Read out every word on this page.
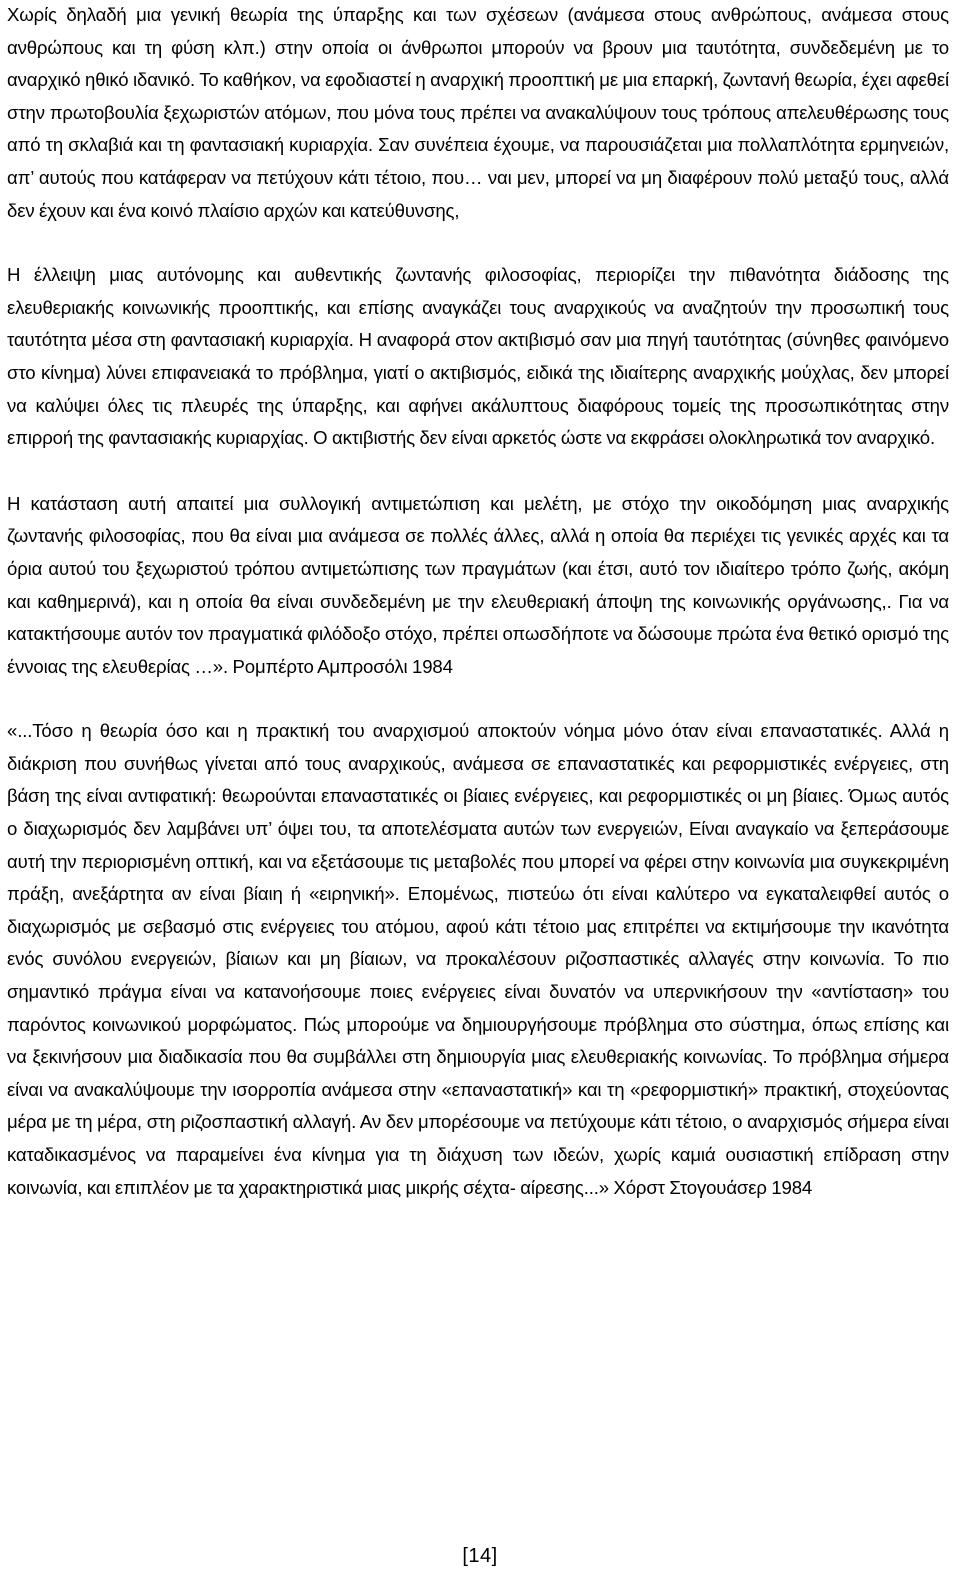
Χωρίς δηλαδή μια γενική θεωρία της ύπαρξης και των σχέσεων (ανάμεσα στους ανθρώπους, ανάμεσα στους ανθρώπους και τη φύση κλπ.) στην οποία οι άνθρωποι μπορούν να βρουν μια ταυτότητα, συνδεδεμένη με το αναρχικό ηθικό ιδανικό. Το καθήκον, να εφοδιαστεί η αναρχική προοπτική με μια επαρκή, ζωντανή θεωρία, έχει αφεθεί στην πρωτοβουλία ξεχωριστών ατόμων, που μόνα τους πρέπει να ανακαλύψουν τους τρόπους απελευθέρωσης τους από τη σκλαβιά και τη φαντασιακή κυριαρχία. Σαν συνέπεια έχουμε, να παρουσιάζεται μια πολλαπλότητα ερμηνειών, απ’ αυτούς που κατάφεραν να πετύχουν κάτι τέτοιο, που… ναι μεν, μπορεί να μη διαφέρουν πολύ μεταξύ τους, αλλά δεν έχουν και ένα κοινό πλαίσιο αρχών και κατεύθυνσης,

Η έλλειψη μιας αυτόνομης και αυθεντικής ζωντανής φιλοσοφίας, περιορίζει την πιθανότητα διάδοσης της ελευθεριακής κοινωνικής προοπτικής, και επίσης αναγκάζει τους αναρχικούς να αναζητούν την προσωπική τους ταυτότητα μέσα στη φαντασιακή κυριαρχία. Η αναφορά στον ακτιβισμό σαν μια πηγή ταυτότητας (σύνηθες φαινόμενο στο κίνημα) λύνει επιφανειακά το πρόβλημα, γιατί ο ακτιβισμός, ειδικά της ιδιαίτερης αναρχικής μούχλας, δεν μπορεί να καλύψει όλες τις πλευρές της ύπαρξης, και αφήνει ακάλυπτους διαφόρους τομείς της προσωπικότητας στην επιρροή της φαντασιακής κυριαρχίας. Ο ακτιβιστής δεν είναι αρκετός ώστε να εκφράσει ολοκληρωτικά τον αναρχικό.

Η κατάσταση αυτή απαιτεί μια συλλογική αντιμετώπιση και μελέτη, με στόχο την οικοδόμηση μιας αναρχικής ζωντανής φιλοσοφίας, που θα είναι μια ανάμεσα σε πολλές άλλες, αλλά η οποία θα περιέχει τις γενικές αρχές και τα όρια αυτού του ξεχωριστού τρόπου αντιμετώπισης των πραγμάτων (και έτσι, αυτό τον ιδιαίτερο τρόπο ζωής, ακόμη και καθημερινά), και η οποία θα είναι συνδεδεμένη με την ελευθεριακή άποψη της κοινωνικής οργάνωσης,. Για να κατακτήσουμε αυτόν τον πραγματικά φιλόδοξο στόχο, πρέπει οπωσδήποτε να δώσουμε πρώτα ένα θετικό ορισμό της έννοιας της ελευθερίας …». Ρομπέρτο Αμπροσόλι 1984

«...Τόσο η θεωρία όσο και η πρακτική του αναρχισμού αποκτούν νόημα μόνο όταν είναι επαναστατικές. Αλλά η διάκριση που συνήθως γίνεται από τους αναρχικούς, ανάμεσα σε επαναστατικές και ρεφορμιστικές ενέργειες, στη βάση της είναι αντιφατική: θεωρούνται επαναστατικές οι βίαιες ενέργειες, και ρεφορμιστικές οι μη βίαιες. Όμως αυτός ο διαχωρισμός δεν λαμβάνει υπ’ όψει του, τα αποτελέσματα αυτών των ενεργειών, Είναι αναγκαίο να ξεπεράσουμε αυτή την περιορισμένη οπτική, και να εξετάσουμε τις μεταβολές που μπορεί να φέρει στην κοινωνία μια συγκεκριμένη πράξη, ανεξάρτητα αν είναι βίαιη ή «ειρηνική». Επομένως, πιστεύω ότι είναι καλύτερο να εγκαταλειφθεί αυτός ο διαχωρισμός με σεβασμό στις ενέργειες του ατόμου, αφού κάτι τέτοιο μας επιτρέπει να εκτιμήσουμε την ικανότητα ενός συνόλου ενεργειών, βίαιων και μη βίαιων, να προκαλέσουν ριζοσπαστικές αλλαγές στην κοινωνία. Το πιο σημαντικό πράγμα είναι να κατανοήσουμε ποιες ενέργειες είναι δυνατόν να υπερνικήσουν την «αντίσταση» του παρόντος κοινωνικού μορφώματος. Πώς μπορούμε να δημιουργήσουμε πρόβλημα στο σύστημα, όπως επίσης και να ξεκινήσουν μια διαδικασία που θα συμβάλλει στη δημιουργία μιας ελευθεριακής κοινωνίας. Το πρόβλημα σήμερα είναι να ανακαλύψουμε την ισορροπία ανάμεσα στην «επαναστατική» και τη «ρεφορμιστική» πρακτική, στοχεύοντας μέρα με τη μέρα, στη ριζοσπαστική αλλαγή. Αν δεν μπορέσουμε να πετύχουμε κάτι τέτοιο, ο αναρχισμός σήμερα είναι καταδικασμένος να παραμείνει ένα κίνημα για τη διάχυση των ιδεών, χωρίς καμιά ουσιαστική επίδραση στην κοινωνία, και επιπλέον με τα χαρακτηριστικά μιας μικρής σέχτα- αίρεσης...» Χόρστ Στογουάσερ 1984

[14]
